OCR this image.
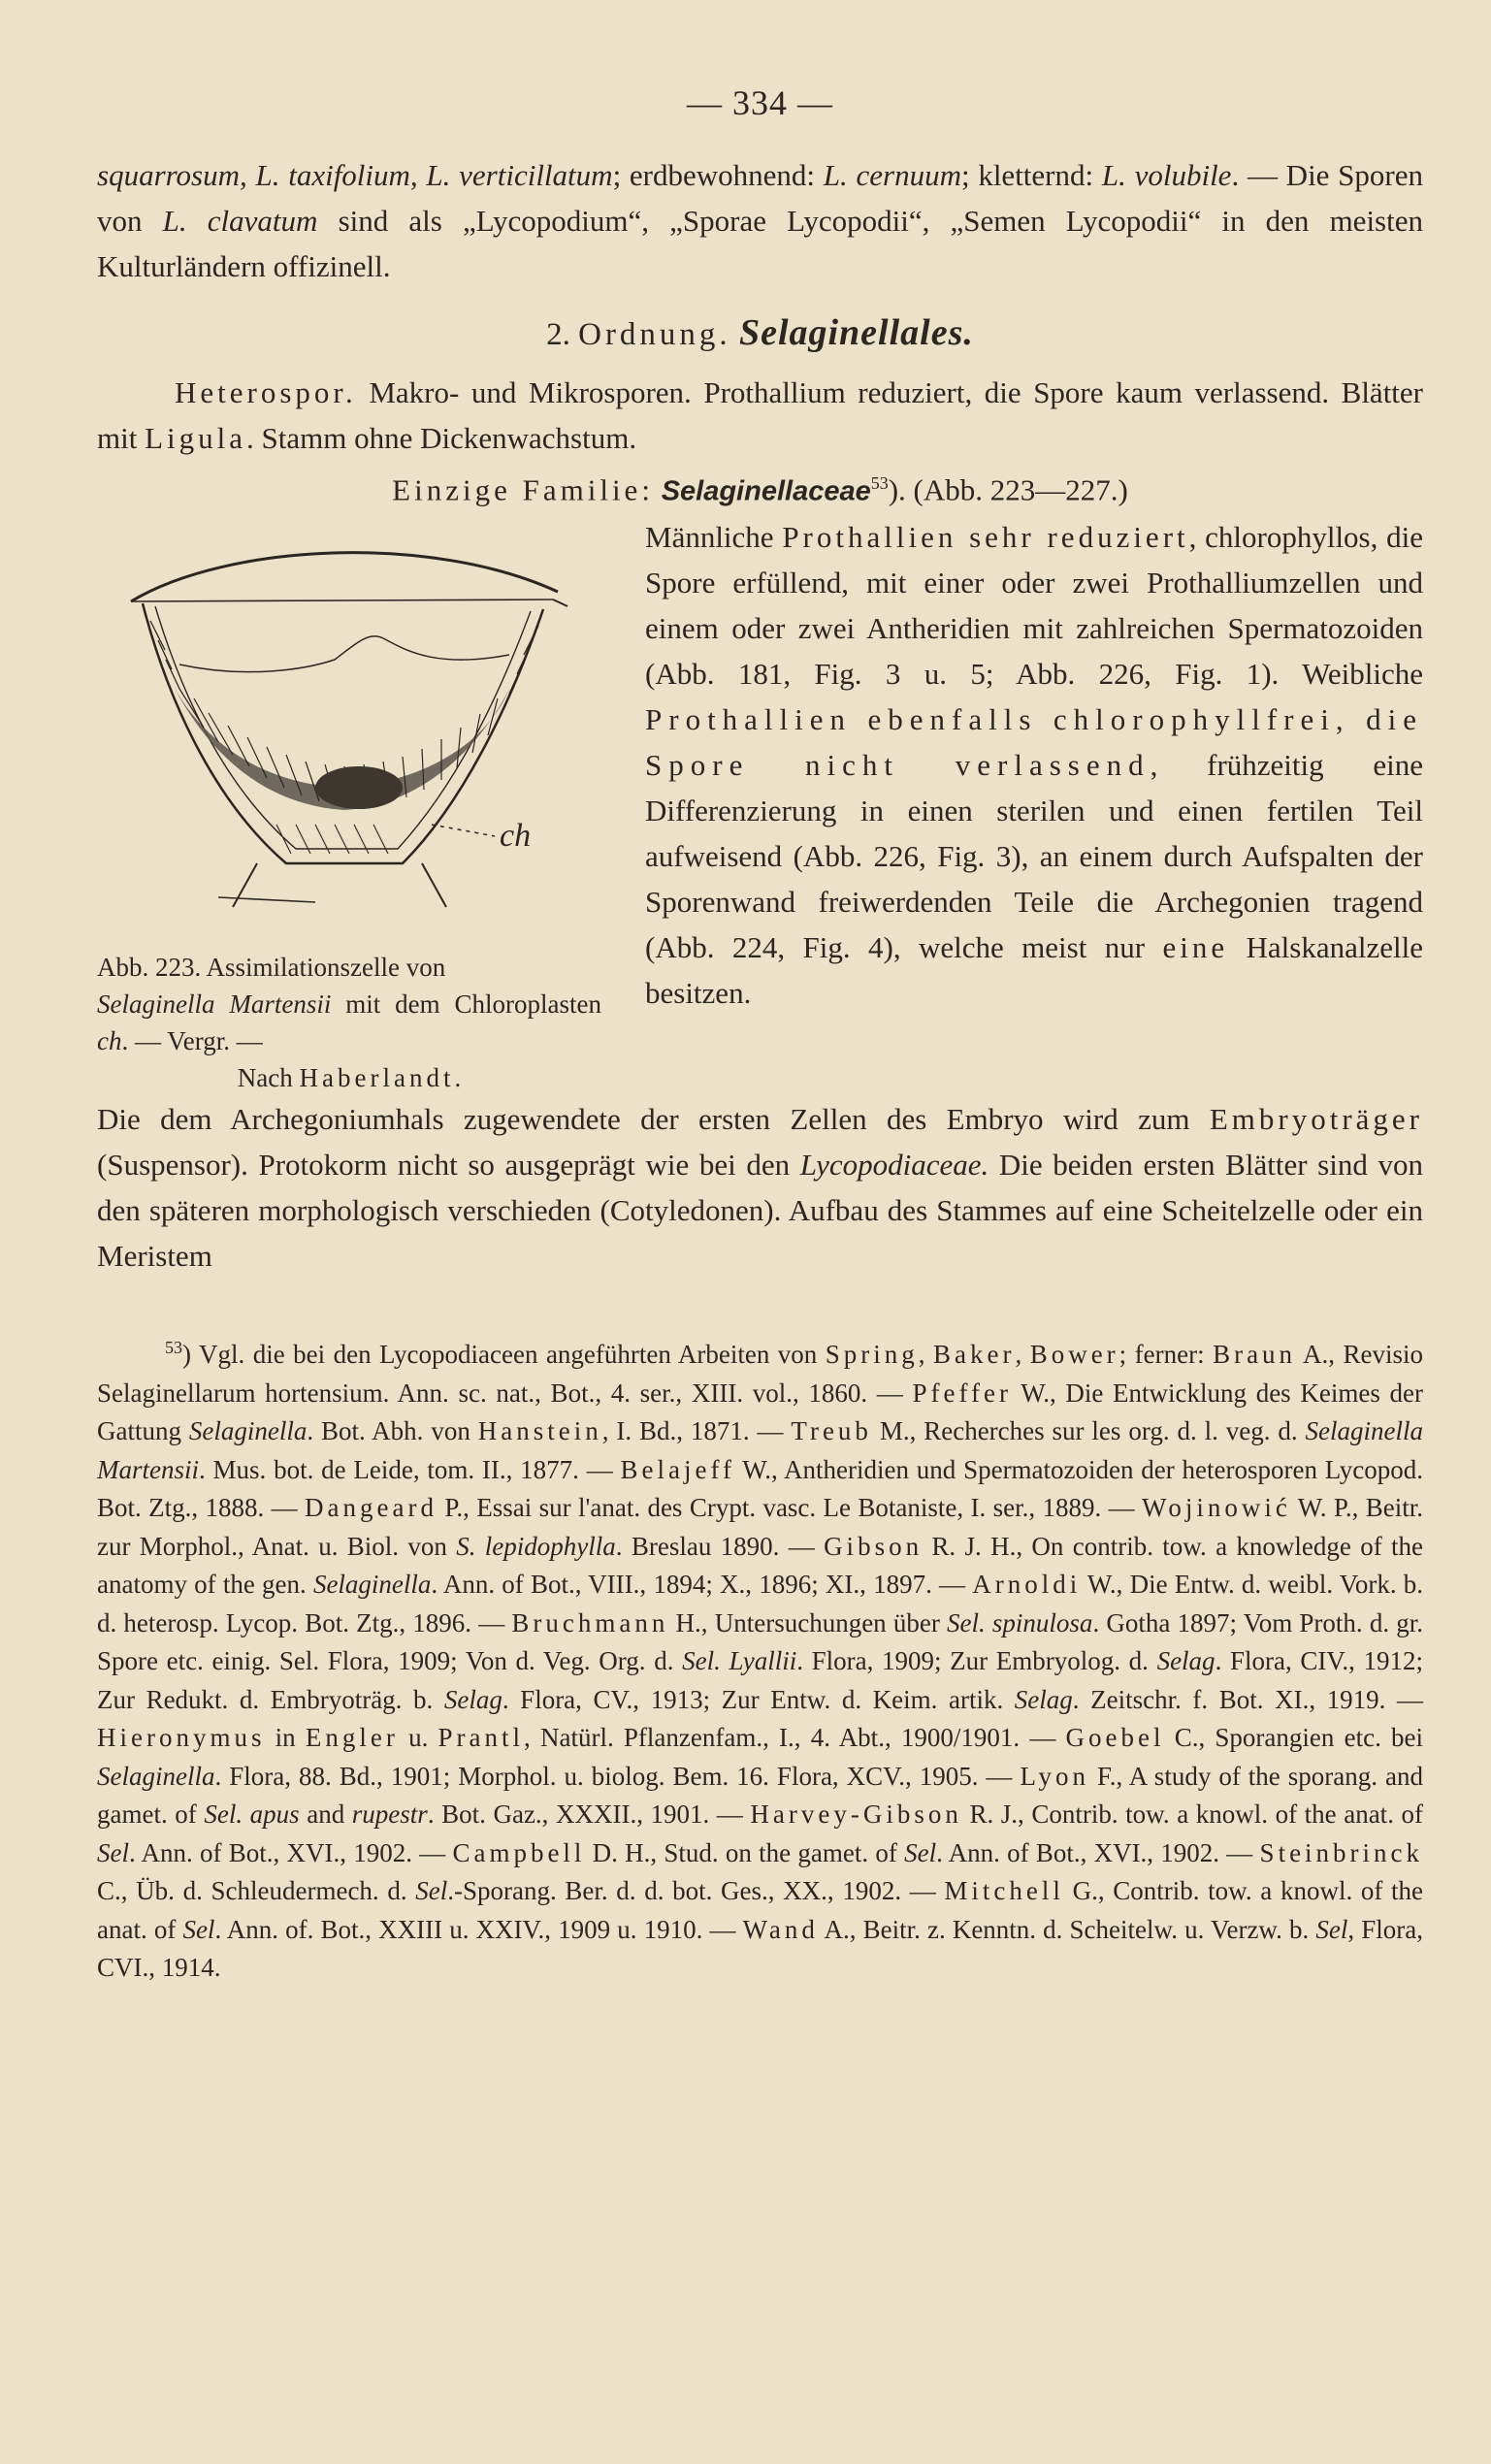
— 334 —

squarrosum, L. taxifolium, L. verticillatum; erdbewohnend: L. cernuum; kletternd: L. volubile. — Die Sporen von L. clavatum sind als „Lycopodium“, „Sporae Lycopodii“, „Semen Lycopodii“ in den meisten Kulturländern offizinell.

2. Ordnung. Selaginellales.

Heterospor. Makro- und Mikrosporen. Prothallium reduziert, die Spore kaum verlassend. Blätter mit Ligula. Stamm ohne Dickenwachstum.

Einzige Familie: Selaginellaceae$^{53}$). (Abb. 223—227.)

ch
Abb. 223. Assimilationszelle von
Selaginella Martensii mit dem Chloroplasten ch. — Vergr. —
Nach Haberlandt.
Männliche Prothallien sehr reduziert, chlorophyllos, die Spore erfüllend, mit einer oder zwei Prothalliumzellen und einem oder zwei Antheridien mit zahlreichen Spermatozoiden (Abb. 181, Fig. 3 u. 5; Abb. 226, Fig. 1). Weibliche Prothallien ebenfalls chlorophyllfrei, die Spore nicht verlassend, frühzeitig eine Differenzierung in einen sterilen und einen fertilen Teil aufweisend (Abb. 226, Fig. 3), an einem durch Aufspalten der Sporenwand freiwerdenden Teile die Archegonien tragend (Abb. 224, Fig. 4), welche meist nur eine Halskanalzelle besitzen.

Die dem Archegoniumhals zugewendete der ersten Zellen des Embryo wird zum Embryoträger (Suspensor). Protokorm nicht so ausgeprägt wie bei den Lycopodiaceae. Die beiden ersten Blätter sind von den späteren morphologisch verschieden (Cotyledonen). Aufbau des Stammes auf eine Scheitelzelle oder ein Meristem

$^{53}$) Vgl. die bei den Lycopodiaceen angeführten Arbeiten von Spring, Baker, Bower; ferner: Braun A., Revisio Selaginellarum hortensium. Ann. sc. nat., Bot., 4. ser., XIII. vol., 1860. — Pfeffer W., Die Entwicklung des Keimes der Gattung Selaginella. Bot. Abh. von Hanstein, I. Bd., 1871. — Treub M., Recherches sur les org. d. l. veg. d. Selaginella Martensii. Mus. bot. de Leide, tom. II., 1877. — Belajeff W., Antheridien und Spermatozoiden der heterosporen Lycopod. Bot. Ztg., 1888. — Dangeard P., Essai sur l'anat. des Crypt. vasc. Le Botaniste, I. ser., 1889. — Wojinowić W. P., Beitr. zur Morphol., Anat. u. Biol. von S. lepidophylla. Breslau 1890. — Gibson R. J. H., On contrib. tow. a knowledge of the anatomy of the gen. Selaginella. Ann. of Bot., VIII., 1894; X., 1896; XI., 1897. — Arnoldi W., Die Entw. d. weibl. Vork. b. d. heterosp. Lycop. Bot. Ztg., 1896. — Bruchmann H., Untersuchungen über Sel. spinulosa. Gotha 1897; Vom Proth. d. gr. Spore etc. einig. Sel. Flora, 1909; Von d. Veg. Org. d. Sel. Lyallii. Flora, 1909; Zur Embryolog. d. Selag. Flora, CIV., 1912; Zur Redukt. d. Embryoträg. b. Selag. Flora, CV., 1913; Zur Entw. d. Keim. artik. Selag. Zeitschr. f. Bot. XI., 1919. — Hieronymus in Engler u. Prantl, Natürl. Pflanzenfam., I., 4. Abt., 1900/1901. — Goebel C., Sporangien etc. bei Selaginella. Flora, 88. Bd., 1901; Morphol. u. biolog. Bem. 16. Flora, XCV., 1905. — Lyon F., A study of the sporang. and gamet. of Sel. apus and rupestr. Bot. Gaz., XXXII., 1901. — Harvey-Gibson R. J., Contrib. tow. a knowl. of the anat. of Sel. Ann. of Bot., XVI., 1902. — Campbell D. H., Stud. on the gamet. of Sel. Ann. of Bot., XVI., 1902. — Steinbrinck C., Üb. d. Schleudermech. d. Sel.-Sporang. Ber. d. d. bot. Ges., XX., 1902. — Mitchell G., Contrib. tow. a knowl. of the anat. of Sel. Ann. of. Bot., XXIII u. XXIV., 1909 u. 1910. — Wand A., Beitr. z. Kenntn. d. Scheitelw. u. Verzw. b. Sel, Flora, CVI., 1914.
